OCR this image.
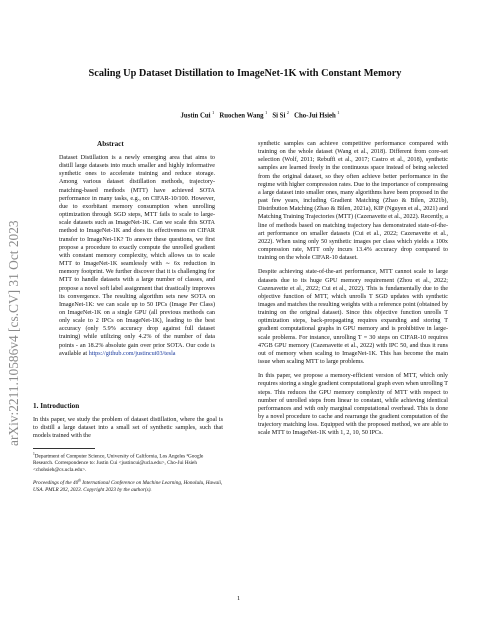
arXiv:2211.10586v4 [cs.CV] 31 Oct 2023
Scaling Up Dataset Distillation to ImageNet-1K with Constant Memory
Justin Cui $^1$ Ruochen Wang $^1$ Si Si $^2$ Cho-Jui Hsieh $^1$
Abstract

Dataset Distillation is a newly emerging area that aims to distill large datasets into much smaller and highly informative synthetic ones to accelerate training and reduce storage. Among various dataset distillation methods, trajectory-matching-based methods (MTT) have achieved SOTA performance in many tasks, e.g., on CIFAR-10/100. However, due to exorbitant memory consumption when unrolling optimization through SGD steps, MTT fails to scale to large-scale datasets such as ImageNet-1K. Can we scale this SOTA method to ImageNet-1K and does its effectiveness on CIFAR transfer to ImageNet-1K? To answer these questions, we first propose a procedure to exactly compute the unrolled gradient with constant memory complexity, which allows us to scale MTT to ImageNet-1K seamlessly with ∼ 6x reduction in memory footprint. We further discover that it is challenging for MTT to handle datasets with a large number of classes, and propose a novel soft label assignment that drastically improves its convergence. The resulting algorithm sets new SOTA on ImageNet-1K: we can scale up to 50 IPCs (Image Per Class) on ImageNet-1K on a single GPU (all previous methods can only scale to 2 IPCs on ImageNet-1K), leading to the best accuracy (only 5.9% accuracy drop against full dataset training) while utilizing only 4.2% of the number of data points - an 18.2% absolute gain over prior SOTA. Our code is available at https://github.com/justincui03/tesla

1. Introduction

In this paper, we study the problem of dataset distillation, where the goal is to distill a large dataset into a small set of synthetic samples, such that models trained with the

$^1$Department of Computer Science, University of California, Los Angeles ²Google Research. Correspondence to: Justin Cui <justincui@ucla.edu>, Cho-Jui Hsieh <chohsieh@cs.ucla.edu>.

Proceedings of the 40th International Conference on Machine Learning, Honolulu, Hawaii, USA. PMLR 202, 2023. Copyright 2023 by the author(s).

synthetic samples can achieve competitive performance compared with training on the whole dataset (Wang et al., 2018). Different from core-set selection (Wolf, 2011; Rebuffi et al., 2017; Castro et al., 2018), synthetic samples are learned freely in the continuous space instead of being selected from the original dataset, so they often achieve better performance in the regime with higher compression rates. Due to the importance of compressing a large dataset into smaller ones, many algorithms have been proposed in the past few years, including Gradient Matching (Zhao & Bilen, 2021b), Distribution Matching (Zhao & Bilen, 2021a), KIP (Nguyen et al., 2021) and Matching Training Trajectories (MTT) (Cazenavette et al., 2022). Recently, a line of methods based on matching trajectory has demonstrated state-of-the-art performance on smaller datasets (Cui et al., 2022; Cazenavette et al., 2022). When using only 50 synthetic images per class which yields a 100x compression rate, MTT only incurs 13.4% accuracy drop compared to training on the whole CIFAR-10 dataset.

Despite achieving state-of-the-art performance, MTT cannot scale to large datasets due to its huge GPU memory requirement (Zhou et al., 2022; Cazenavette et al., 2022; Cui et al., 2022). This is fundamentally due to the objective function of MTT, which unrolls T SGD updates with synthetic images and matches the resulting weights with a reference point (obtained by training on the original dataset). Since this objective function unrolls T optimization steps, back-propagating requires expanding and storing T gradient computational graphs in GPU memory and is prohibitive in large-scale problems. For instance, unrolling T = 30 steps on CIFAR-10 requires 47GB GPU memory (Cazenavette et al., 2022) with IPC 50, and thus it runs out of memory when scaling to ImageNet-1K. This has become the main issue when scaling MTT to large problems.

In this paper, we propose a memory-efficient version of MTT, which only requires storing a single gradient computational graph even when unrolling T steps. This reduces the GPU memory complexity of MTT with respect to number of unrolled steps from linear to constant, while achieving identical performances and with only marginal computational overhead. This is done by a novel procedure to cache and rearrange the gradient computation of the trajectory matching loss. Equipped with the proposed method, we are able to scale MTT to ImageNet-1K with 1, 2, 10, 50 IPCs.

1
